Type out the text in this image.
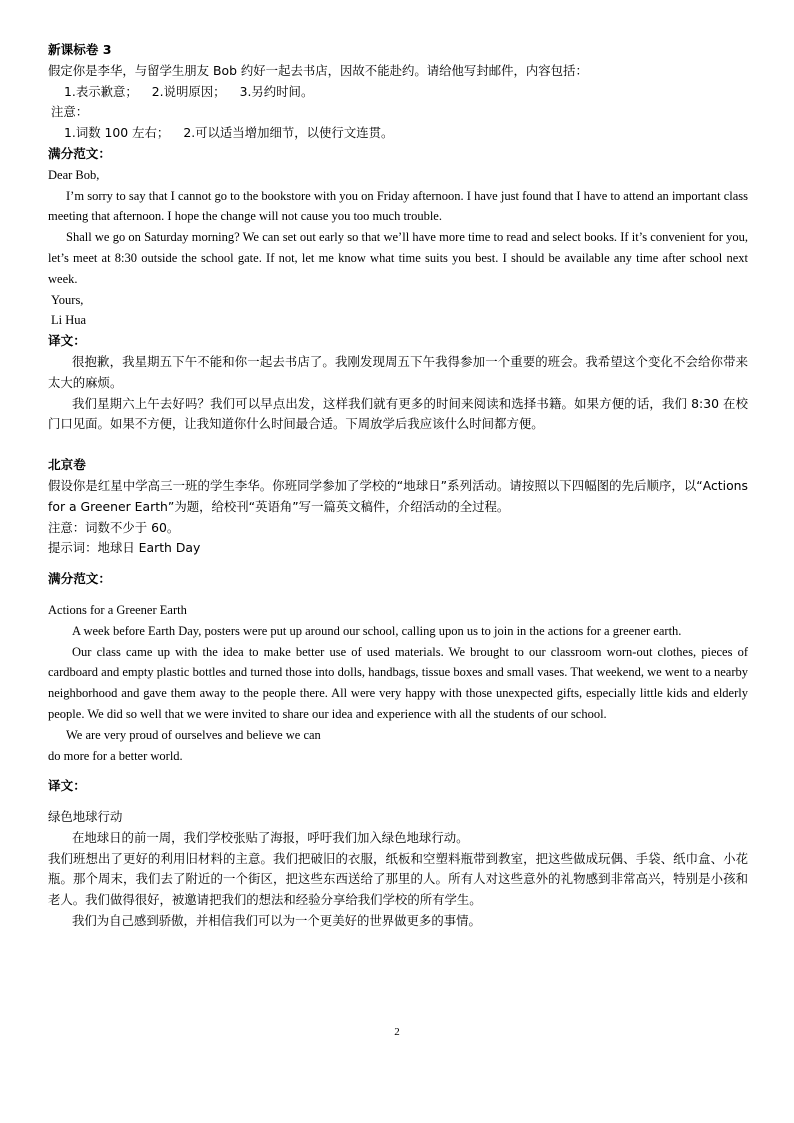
新课标卷 3

假定你是李华，与留学生朋友 Bob 约好一起去书店，因故不能赴约。请给他写封邮件，内容包括：

1.表示歉意； 2.说明原因； 3.另约时间。

注意：

1.词数 100 左右； 2.可以适当增加细节，以使行文连贯。

满分范文：

Dear Bob,

I’m sorry to say that I cannot go to the bookstore with you on Friday afternoon. I have just found that I have to attend an important class meeting that afternoon. I hope the change will not cause you too much trouble.

Shall we go on Saturday morning? We can set out early so that we’ll have more time to read and select books. If it’s convenient for you, let’s meet at 8:30 outside the school gate. If not, let me know what time suits you best. I should be available any time after school next week.

Yours,

Li Hua

译文：

很抱歉，我星期五下午不能和你一起去书店了。我刚发现周五下午我得参加一个重要的班会。我希望这个变化不会给你带来太大的麻烦。

我们星期六上午去好吗？我们可以早点出发，这样我们就有更多的时间来阅读和选择书籍。如果方便的话，我们 8:30 在校门口见面。如果不方便，让我知道你什么时间最合适。下周放学后我应该什么时间都方便。

北京卷

假设你是红星中学高三一班的学生李华。你班同学参加了学校的“地球日”系列活动。请按照以下四幅图的先后顺序，以“Actions for a Greener Earth”为题，给校刊“英语角”写一篇英文稿件，介绍活动的全过程。

注意：词数不少于 60。

提示词：地球日 Earth Day

满分范文：

Actions for a Greener Earth

A week before Earth Day, posters were put up around our school, calling upon us to join in the actions for a greener earth.

Our class came up with the idea to make better use of used materials. We brought to our classroom worn-out clothes, pieces of cardboard and empty plastic bottles and turned those into dolls, handbags, tissue boxes and small vases. That weekend, we went to a nearby neighborhood and gave them away to the people there. All were very happy with those unexpected gifts, especially little kids and elderly people. We did so well that we were invited to share our idea and experience with all the students of our school.

We are very proud of ourselves and believe we can

do more for a better world.

译文：

绿色地球行动

在地球日的前一周，我们学校张贴了海报，呼吁我们加入绿色地球行动。

我们班想出了更好的利用旧材料的主意。我们把破旧的衣服，纸板和空塑料瓶带到教室，把这些做成玩偶、手袋、纸巾盒、小花瓶。那个周末，我们去了附近的一个街区，把这些东西送给了那里的人。所有人对这些意外的礼物感到非常高兴，特别是小孩和老人。我们做得很好，被邀请把我们的想法和经验分享给我们学校的所有学生。

我们为自己感到骄傲，并相信我们可以为一个更美好的世界做更多的事情。

2
